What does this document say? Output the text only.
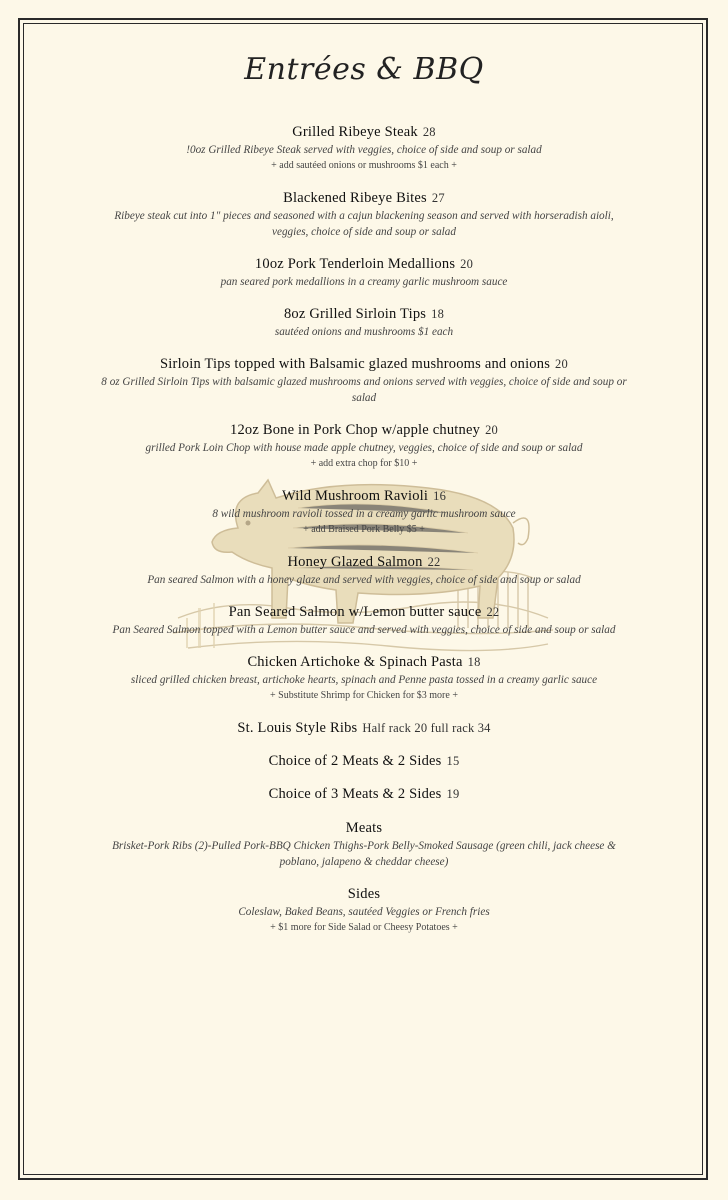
Entrées & BBQ
Grilled Ribeye Steak 28
!0oz Grilled Ribeye Steak served with veggies, choice of side and soup or salad
+ add sautéed onions or mushrooms $1 each +
Blackened Ribeye Bites 27
Ribeye steak cut into 1" pieces and seasoned with a cajun blackening season and served with horseradish aioli, veggies, choice of side and soup or salad
10oz Pork Tenderloin Medallions 20
pan seared pork medallions in a creamy garlic mushroom sauce
8oz Grilled Sirloin Tips 18
sautéed onions and mushrooms $1 each
Sirloin Tips topped with Balsamic glazed mushrooms and onions 20
8 oz Grilled Sirloin Tips with balsamic glazed mushrooms and onions served with veggies, choice of side and soup or salad
12oz Bone in Pork Chop w/apple chutney 20
grilled Pork Loin Chop with house made apple chutney, veggies, choice of side and soup or salad
+ add extra chop for $10 +
Wild Mushroom Ravioli 16
8 wild mushroom ravioli tossed in a creamy garlic mushroom sauce
+ add Braised Pork Belly $5 +
Honey Glazed Salmon 22
Pan seared Salmon with a honey glaze and served with veggies, choice of side and soup or salad
Pan Seared Salmon w/Lemon butter sauce 22
Pan Seared Salmon topped with a Lemon butter sauce and served with veggies, choice of side and soup or salad
Chicken Artichoke & Spinach Pasta 18
sliced grilled chicken breast, artichoke hearts, spinach and Penne pasta tossed in a creamy garlic sauce
+ Substitute Shrimp for Chicken for $3 more +
St. Louis Style Ribs Half rack 20 full rack 34
Choice of 2 Meats & 2 Sides 15
Choice of 3 Meats & 2 Sides 19
Meats
Brisket-Pork Ribs (2)-Pulled Pork-BBQ Chicken Thighs-Pork Belly-Smoked Sausage (green chili, jack cheese & poblano, jalapeno & cheddar cheese)
Sides
Coleslaw, Baked Beans, sautéed Veggies or French fries
+ $1 more for Side Salad or Cheesy Potatoes +
